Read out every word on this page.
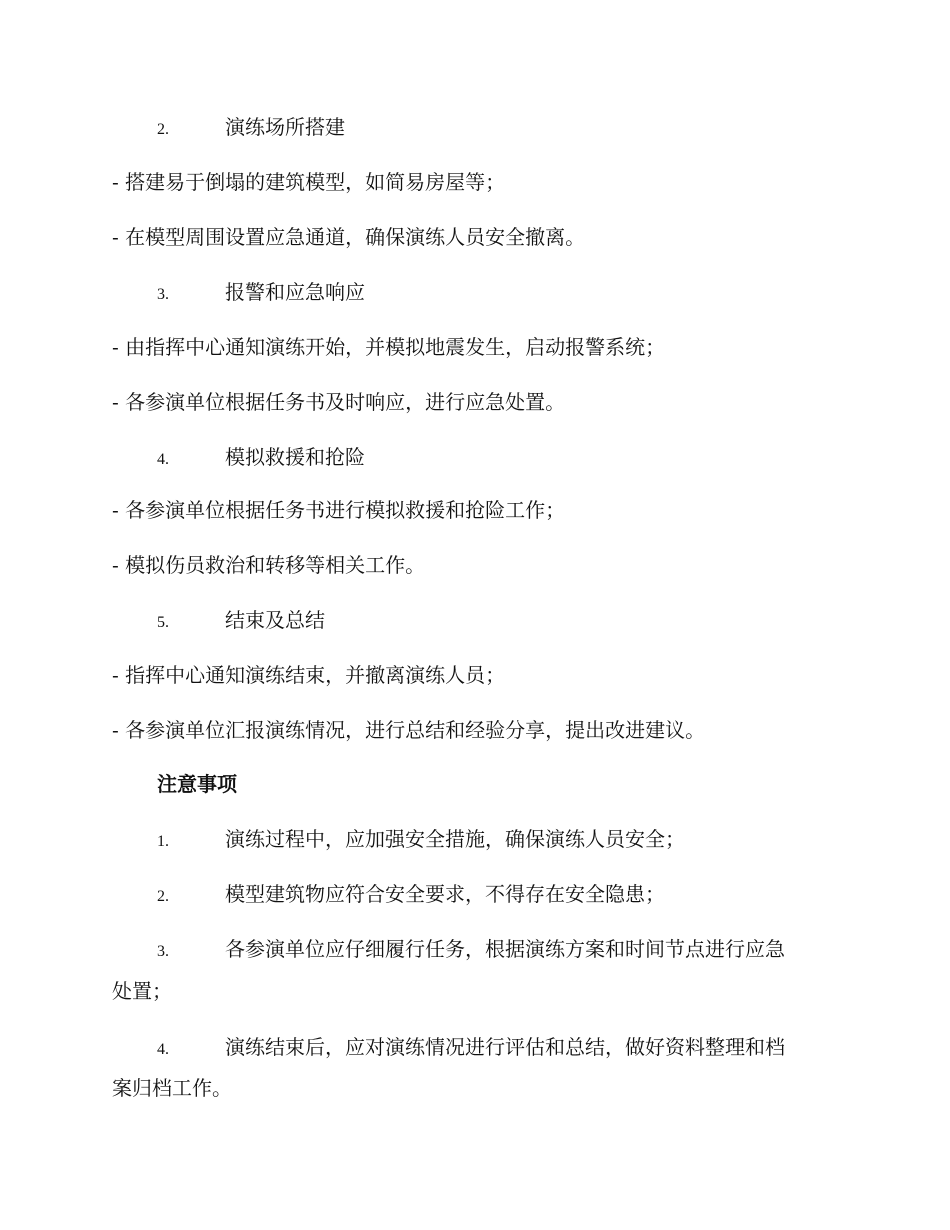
2.	演练场所搭建
- 搭建易于倒塌的建筑模型，如简易房屋等；
- 在模型周围设置应急通道，确保演练人员安全撤离。
3.	报警和应急响应
- 由指挥中心通知演练开始，并模拟地震发生，启动报警系统；
- 各参演单位根据任务书及时响应，进行应急处置。
4.	模拟救援和抢险
- 各参演单位根据任务书进行模拟救援和抢险工作；
- 模拟伤员救治和转移等相关工作。
5.	结束及总结
- 指挥中心通知演练结束，并撤离演练人员；
- 各参演单位汇报演练情况，进行总结和经验分享，提出改进建议。
注意事项
1.	演练过程中，应加强安全措施，确保演练人员安全；
2.	模型建筑物应符合安全要求，不得存在安全隐患；
3.	各参演单位应仔细履行任务，根据演练方案和时间节点进行应急
处置；
4.	演练结束后，应对演练情况进行评估和总结，做好资料整理和档
案归档工作。
